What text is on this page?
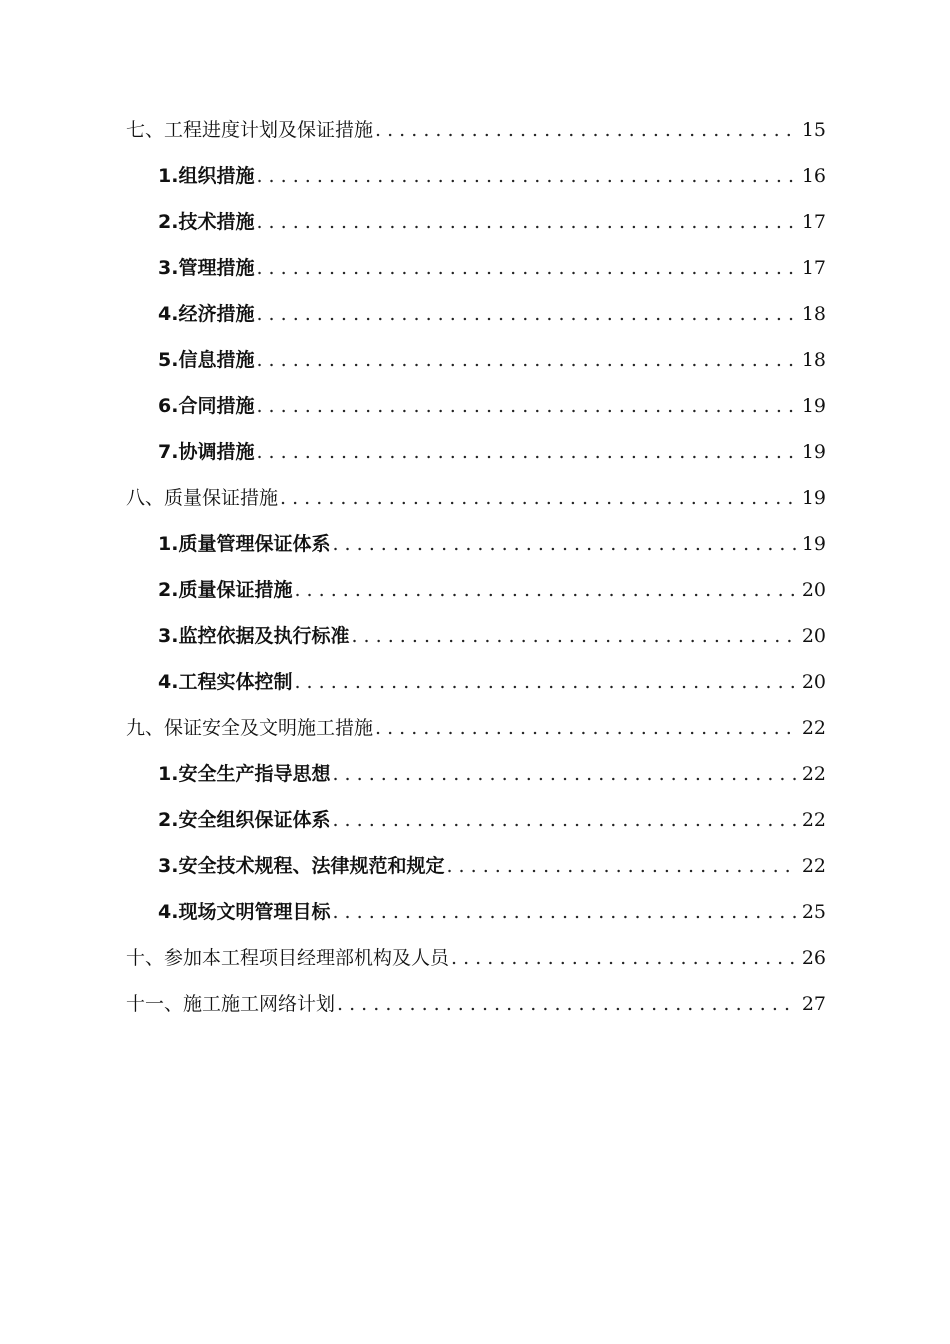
七、工程进度计划及保证措施 . . .	15
1. 组织措施 . . .	16
2. 技术措施 . . .	17
3. 管理措施 . . .	17
4. 经济措施 . . .	18
5. 信息措施 . . .	18
6. 合同措施 . . .	19
7. 协调措施 . . .	19
八、质量保证措施 . . .	19
1. 质量管理保证体系 . . .	19
2. 质量保证措施 . . .	20
3. 监控依据及执行标准 . . .	20
4. 工程实体控制 . . .	20
九、保证安全及文明施工措施 . . .	22
1. 安全生产指导思想 . . .	22
2. 安全组织保证体系 . . .	22
3. 安全技术规程、法律规范和规定 . . .	22
4. 现场文明管理目标 . . .	25
十、参加本工程项目经理部机构及人员 . . .	26
十一、施工施工网络计划 . . .	27
